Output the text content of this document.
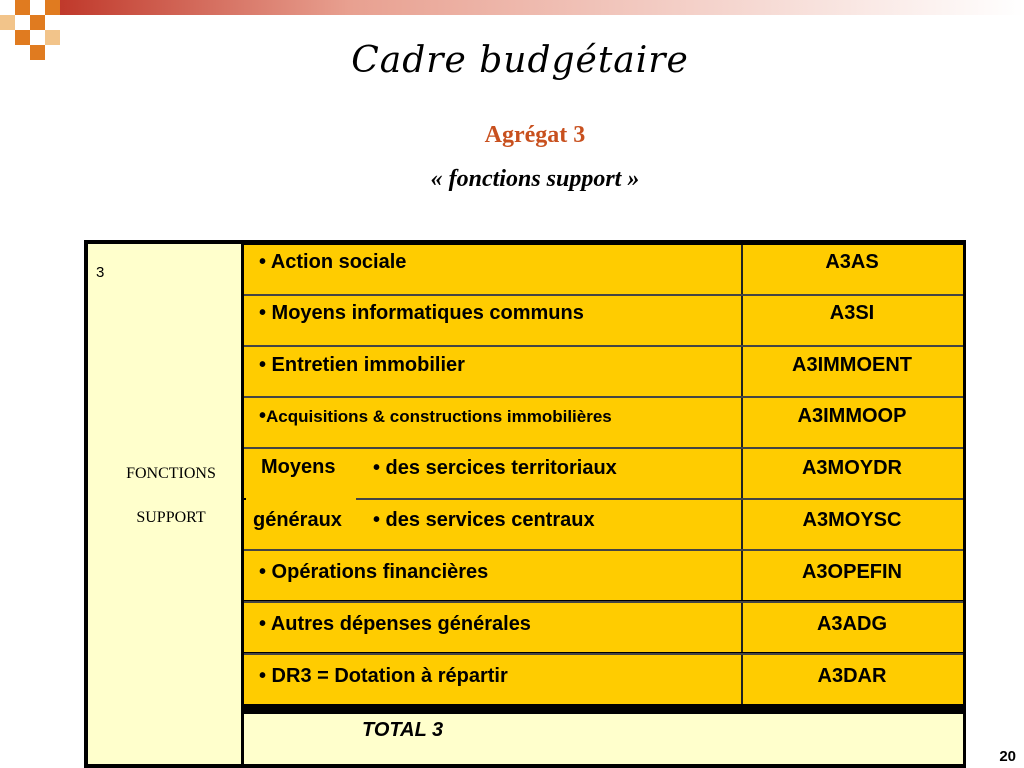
Cadre budgétaire
Agrégat 3
« fonctions support »
3
FONCTIONS
SUPPORT
• Action sociale
• Moyens informatiques communs
• Entretien immobilier
•Acquisitions & constructions immobilières
Moyens
généraux
• des sercices territoriaux
• des services centraux
• Opérations financières
• Autres dépenses générales
• DR3 = Dotation à répartir
A3AS
A3SI
A3IMMOENT
A3IMMOOP
A3MOYDR
A3MOYSC
A3OPEFIN
A3ADG
A3DAR
TOTAL 3
20
